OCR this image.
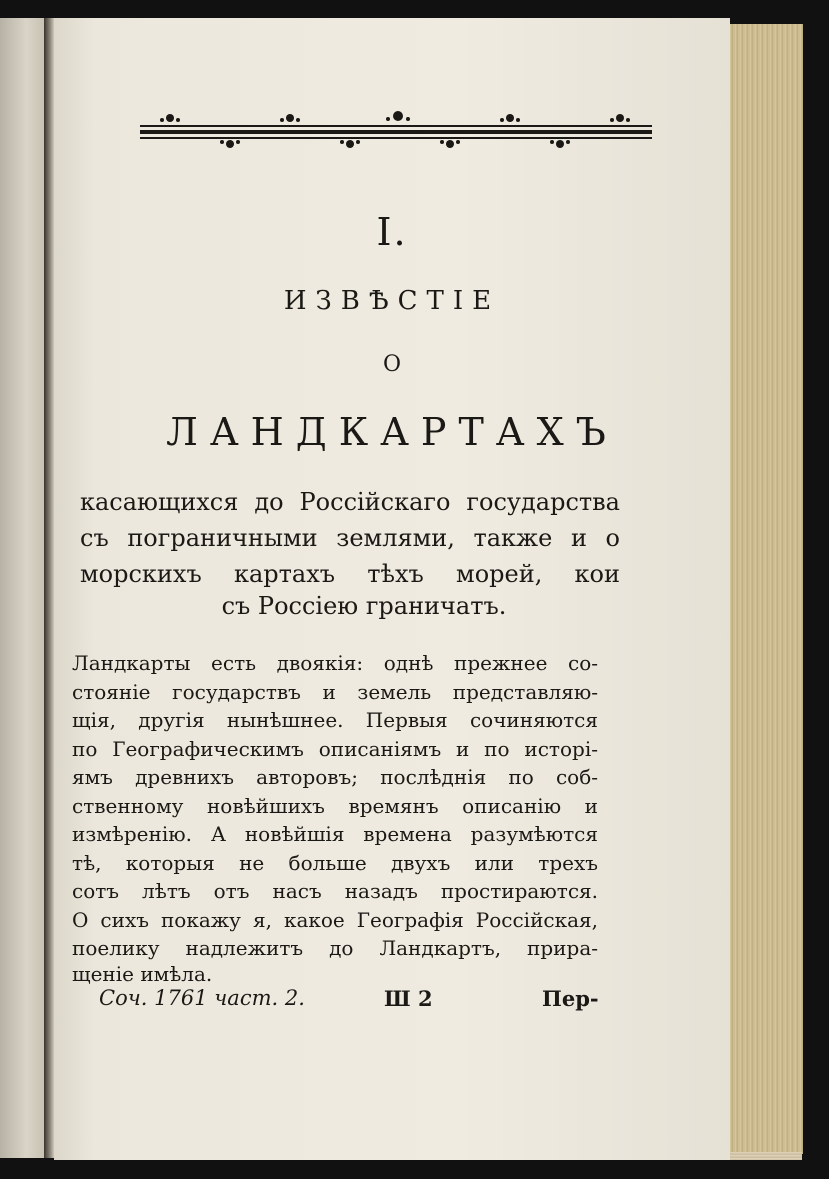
I.
ИЗВѢСТІЕ
О
ЛАНДКАРТАХЪ
касающихся до Россійскаго государства
съ пограничными землями, также и о
морскихъ картахъ тѣхъ морей, кои
съ Россіею граничатъ.
Ландкарты есть двоякія: однѣ прежнее со-
стояніе государствъ и земель представляю-
щія, другія нынѣшнее. Первыя сочиняются
по Географическимъ описаніямъ и по исторі-
ямъ древнихъ авторовъ; послѣднія по соб-
ственному новѣйшихъ времянъ описанію и
измѣренію. А новѣйшія времена разумѣются
тѣ, которыя не больше двухъ или трехъ
сотъ лѣтъ отъ насъ назадъ простираются.
О сихъ покажу я, какое Географія Россійская,
поелику надлежитъ до Ландкартъ, прира-
Соч. 1761 част. 2.	Ш 2	Пер-
щеніе имѣла.
